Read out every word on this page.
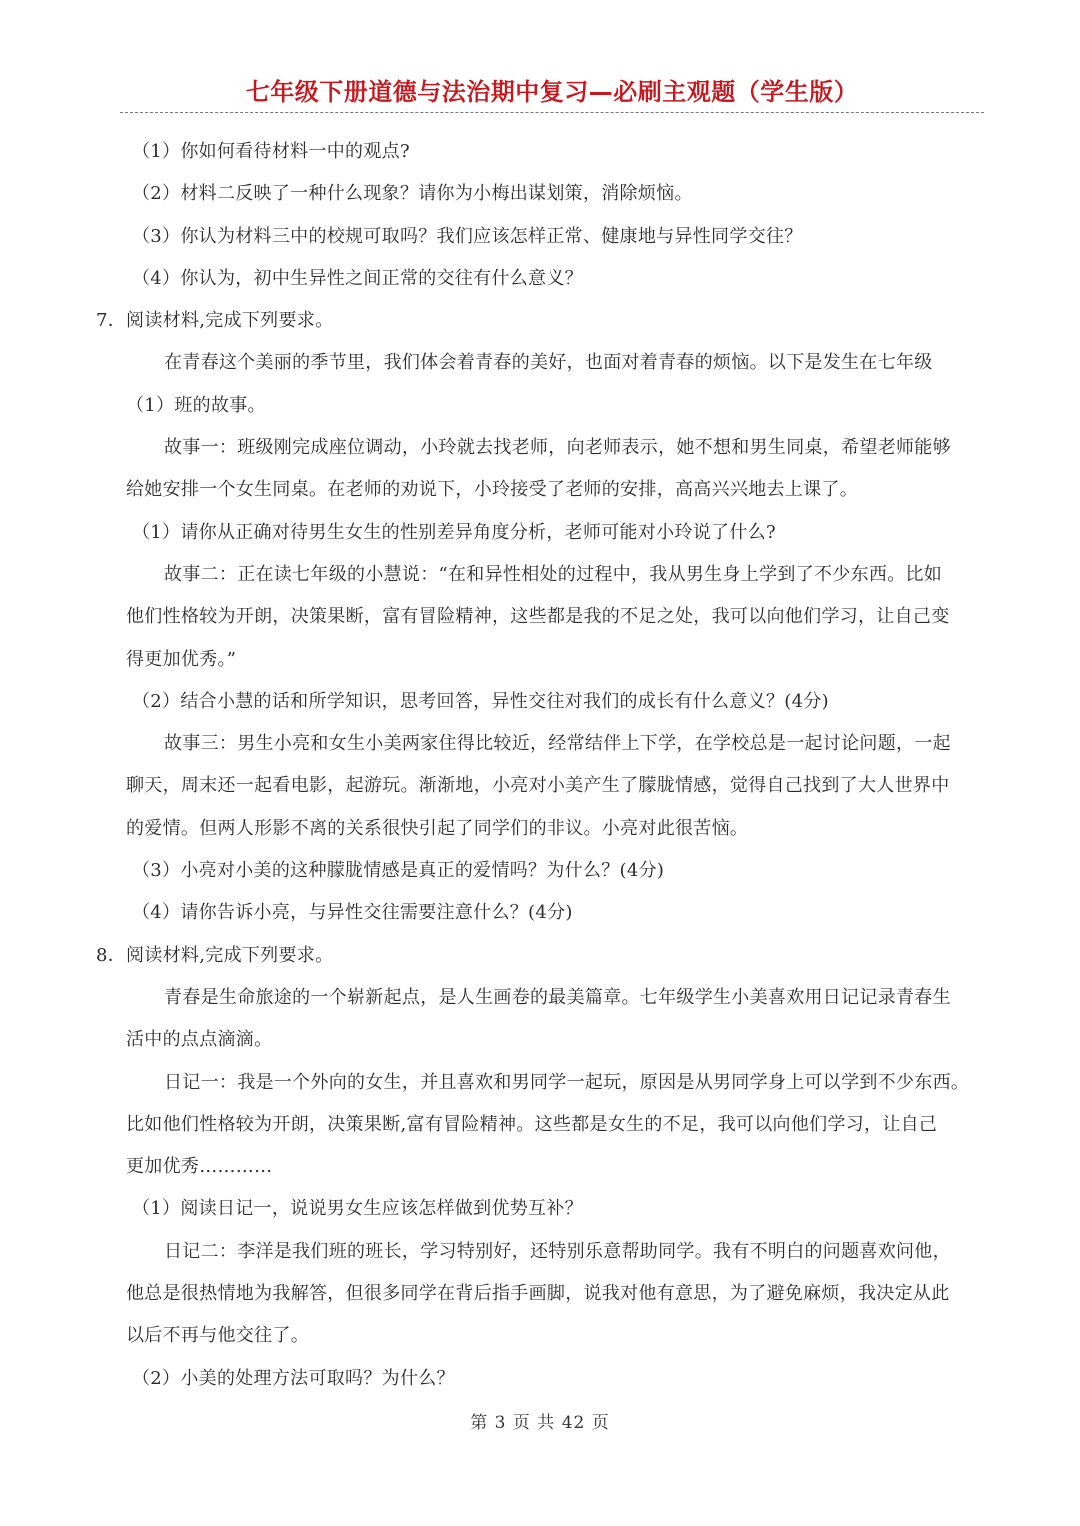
七年级下册道德与法治期中复习—必刷主观题（学生版）
（1）你如何看待材料一中的观点?
（2）材料二反映了一种什么现象？请你为小梅出谋划策，消除烦恼。
（3）你认为材料三中的校规可取吗？我们应该怎样正常、健康地与异性同学交往？
（4）你认为，初中生异性之间正常的交往有什么意义？
7．阅读材料,完成下列要求。
在青春这个美丽的季节里，我们体会着青春的美好，也面对着青春的烦恼。以下是发生在七年级
（1）班的故事。
故事一：班级刚完成座位调动，小玲就去找老师，向老师表示，她不想和男生同桌，希望老师能够
给她安排一个女生同桌。在老师的劝说下，小玲接受了老师的安排，高高兴兴地去上课了。
（1）请你从正确对待男生女生的性别差异角度分析，老师可能对小玲说了什么?
故事二：正在读七年级的小慧说：“在和异性相处的过程中，我从男生身上学到了不少东西。比如
他们性格较为开朗，决策果断，富有冒险精神，这些都是我的不足之处，我可以向他们学习，让自己变
得更加优秀。”
（2）结合小慧的话和所学知识，思考回答，异性交往对我们的成长有什么意义？(4分)
故事三：男生小亮和女生小美两家住得比较近，经常结伴上下学，在学校总是一起讨论问题，一起
聊天，周末还一起看电影，起游玩。渐渐地，小亮对小美产生了朦胧情感，觉得自己找到了大人世界中
的爱情。但两人形影不离的关系很快引起了同学们的非议。小亮对此很苦恼。
（3）小亮对小美的这种朦胧情感是真正的爱情吗？为什么？(4分)
（4）请你告诉小亮，与异性交往需要注意什么？(4分)
8．阅读材料,完成下列要求。
青春是生命旅途的一个崭新起点，是人生画卷的最美篇章。七年级学生小美喜欢用日记记录青春生
活中的点点滴滴。
日记一：我是一个外向的女生，并且喜欢和男同学一起玩，原因是从男同学身上可以学到不少东西。
比如他们性格较为开朗，决策果断,富有冒险精神。这些都是女生的不足，我可以向他们学习，让自己
更加优秀…………
（1）阅读日记一，说说男女生应该怎样做到优势互补？
日记二：李洋是我们班的班长，学习特别好，还特别乐意帮助同学。我有不明白的问题喜欢问他，
他总是很热情地为我解答，但很多同学在背后指手画脚，说我对他有意思，为了避免麻烦，我决定从此
以后不再与他交往了。
（2）小美的处理方法可取吗？为什么？
第 3 页 共 42 页
